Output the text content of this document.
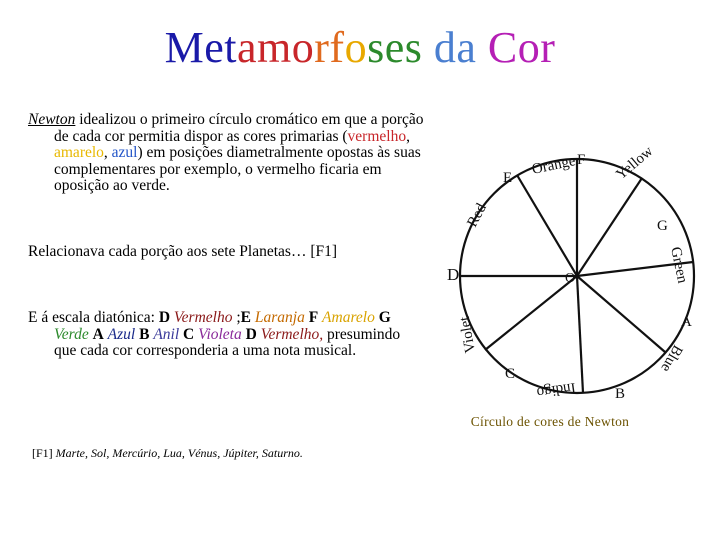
Metamorfoses da Cor
Newton idealizou o primeiro círculo cromático em que a porção de cada cor permitia dispor as cores primarias (vermelho, amarelo, azul) em posições diametralmente opostas às suas complementares por exemplo, o vermelho ficaria em oposição ao verde.
Relacionava cada porção aos sete Planetas… [F1]
E á escala diatónica: D Vermelho ;E Laranja F Amarelo G Verde A Azul B Anil C Violeta D Vermelho, presumindo que cada cor corresponderia a uma nota musical.
Red
Orange Yellow
Green
Blue
Indigo
Violet
D
E
F
G
A
B
C
O
Círculo de cores de Newton
[F1] Marte, Sol, Mercúrio, Lua, Vénus, Júpiter, Saturno.
